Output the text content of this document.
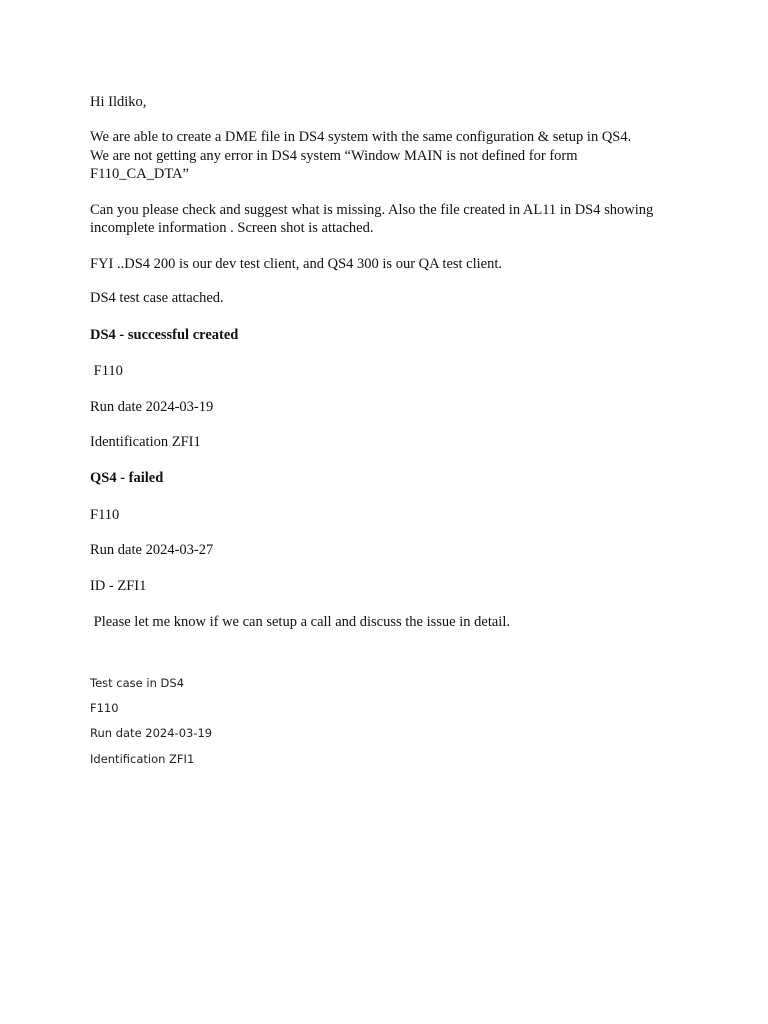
Hi Ildiko,
We are able to create a DME file in DS4 system with the same configuration & setup in QS4.
We are not getting any error in DS4 system “Window MAIN is not defined for form
F110_CA_DTA”
Can you please check and suggest what is missing. Also the file created in AL11 in DS4 showing
incomplete information . Screen shot is attached.
FYI ..DS4 200 is our dev test client, and QS4 300 is our QA test client.
DS4 test case attached.
DS4 - successful created
F110
Run date 2024-03-19
Identification ZFI1
QS4 - failed
F110
Run date 2024-03-27
ID - ZFI1
Please let me know if we can setup a call and discuss the issue in detail.
Test case in DS4
F110
Run date 2024-03-19
Identification ZFI1
